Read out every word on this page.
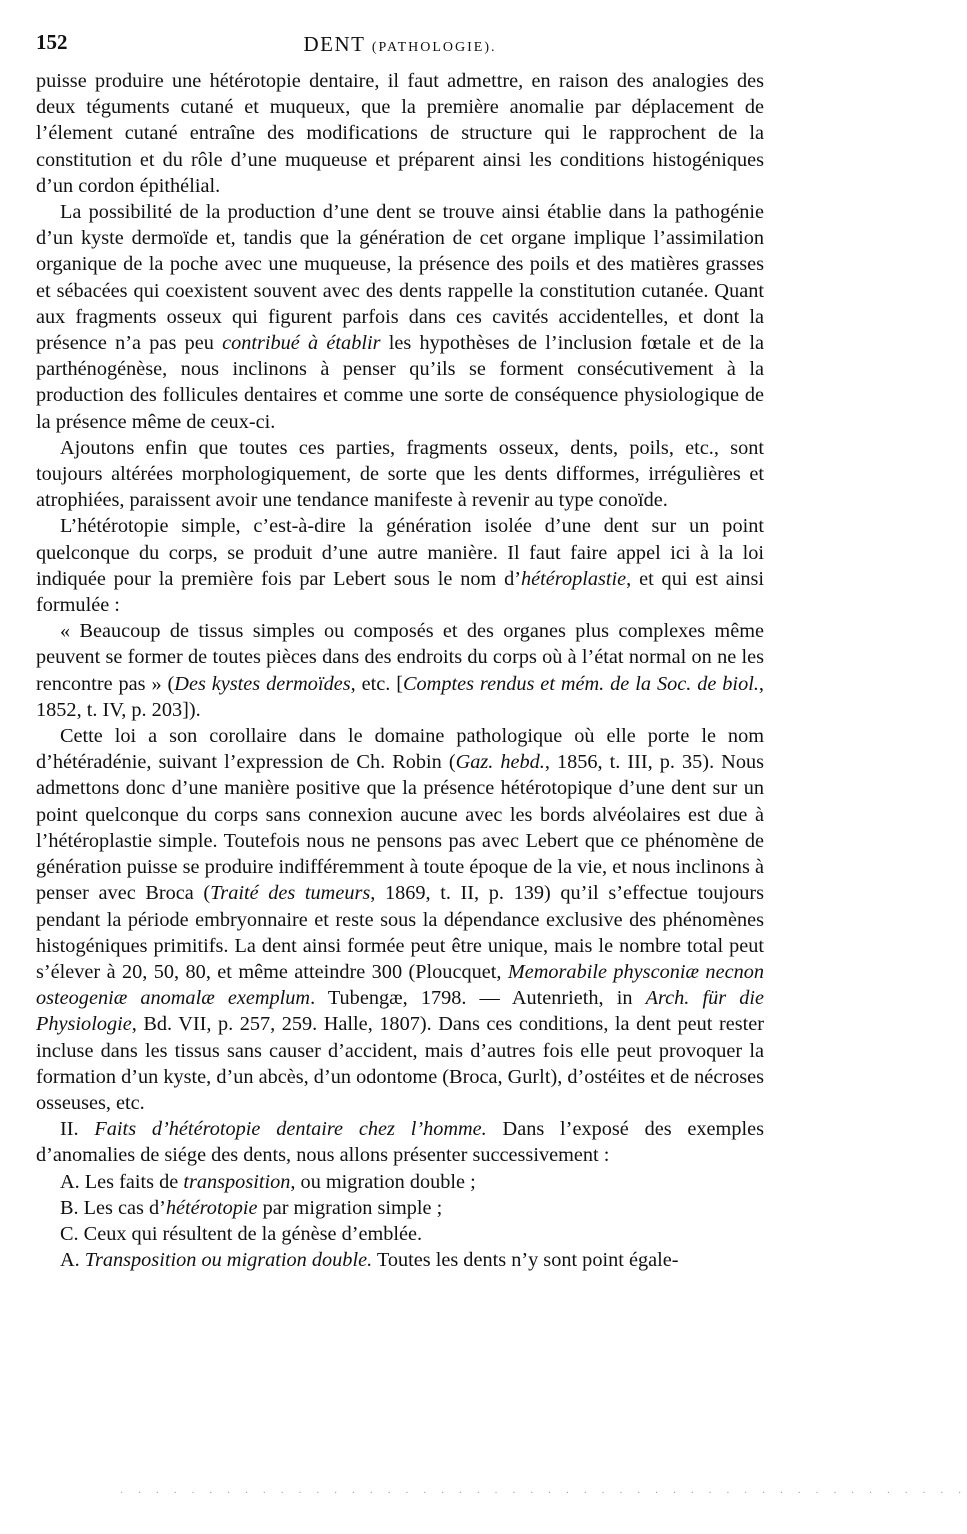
152	DENT (PATHOLOGIE).

puisse produire une hétérotopie dentaire, il faut admettre, en raison des analogies des deux téguments cutané et muqueux, que la première anomalie par déplacement de l’élement cutané entraîne des modifications de structure qui le rapprochent de la constitution et du rôle d’une muqueuse et préparent ainsi les conditions histogéniques d’un cordon épithélial.

La possibilité de la production d’une dent se trouve ainsi établie dans la pathogénie d’un kyste dermoïde et, tandis que la génération de cet organe implique l’assimilation organique de la poche avec une muqueuse, la présence des poils et des matières grasses et sébacées qui coexistent souvent avec des dents rappelle la constitution cutanée. Quant aux fragments osseux qui figurent parfois dans ces cavités accidentelles, et dont la présence n’a pas peu contribué à établir les hypothèses de l’inclusion fœtale et de la parthénogénèse, nous inclinons à penser qu’ils se forment consécutivement à la production des follicules dentaires et comme une sorte de conséquence physiologique de la présence même de ceux-ci.

Ajoutons enfin que toutes ces parties, fragments osseux, dents, poils, etc., sont toujours altérées morphologiquement, de sorte que les dents difformes, irrégulières et atrophiées, paraissent avoir une tendance manifeste à revenir au type conoïde.

L’hétérotopie simple, c’est-à-dire la génération isolée d’une dent sur un point quelconque du corps, se produit d’une autre manière. Il faut faire appel ici à la loi indiquée pour la première fois par Lebert sous le nom d’hétéroplastie, et qui est ainsi formulée :

« Beaucoup de tissus simples ou composés et des organes plus complexes même peuvent se former de toutes pièces dans des endroits du corps où à l’état normal on ne les rencontre pas » (Des kystes dermoïdes, etc. [Comptes rendus et mém. de la Soc. de biol., 1852, t. IV, p. 203]).

Cette loi a son corollaire dans le domaine pathologique où elle porte le nom d’hétéradénie, suivant l’expression de Ch. Robin (Gaz. hebd., 1856, t. III, p. 35). Nous admettons donc d’une manière positive que la présence hétérotopique d’une dent sur un point quelconque du corps sans connexion aucune avec les bords alvéolaires est due à l’hétéroplastie simple. Toutefois nous ne pensons pas avec Lebert que ce phénomène de génération puisse se produire indifféremment à toute époque de la vie, et nous inclinons à penser avec Broca (Traité des tumeurs, 1869, t. II, p. 139) qu’il s’effectue toujours pendant la période embryonnaire et reste sous la dépendance exclusive des phénomènes histogéniques primitifs. La dent ainsi formée peut être unique, mais le nombre total peut s’élever à 20, 50, 80, et même atteindre 300 (Ploucquet, Memorabile physconiæ necnon osteogeniæ anomalæ exemplum. Tubengæ, 1798. — Autenrieth, in Arch. für die Physiologie, Bd. VII, p. 257, 259. Halle, 1807). Dans ces conditions, la dent peut rester incluse dans les tissus sans causer d’accident, mais d’autres fois elle peut provoquer la formation d’un kyste, d’un abcès, d’un odontome (Broca, Gurlt), d’ostéites et de nécroses osseuses, etc.

II. Faits d’hétérotopie dentaire chez l’homme. Dans l’exposé des exemples d’anomalies de siége des dents, nous allons présenter successivement :

A. Les faits de transposition, ou migration double ;

B. Les cas d’hétérotopie par migration simple ;

C. Ceux qui résultent de la génèse d’emblée.

A. Transposition ou migration double. Toutes les dents n’y sont point égale-

· · · · · · · · · · · · · · · · · · · · · · · · · · · · · · · · · · · · · · · · · · · · · · · ·
